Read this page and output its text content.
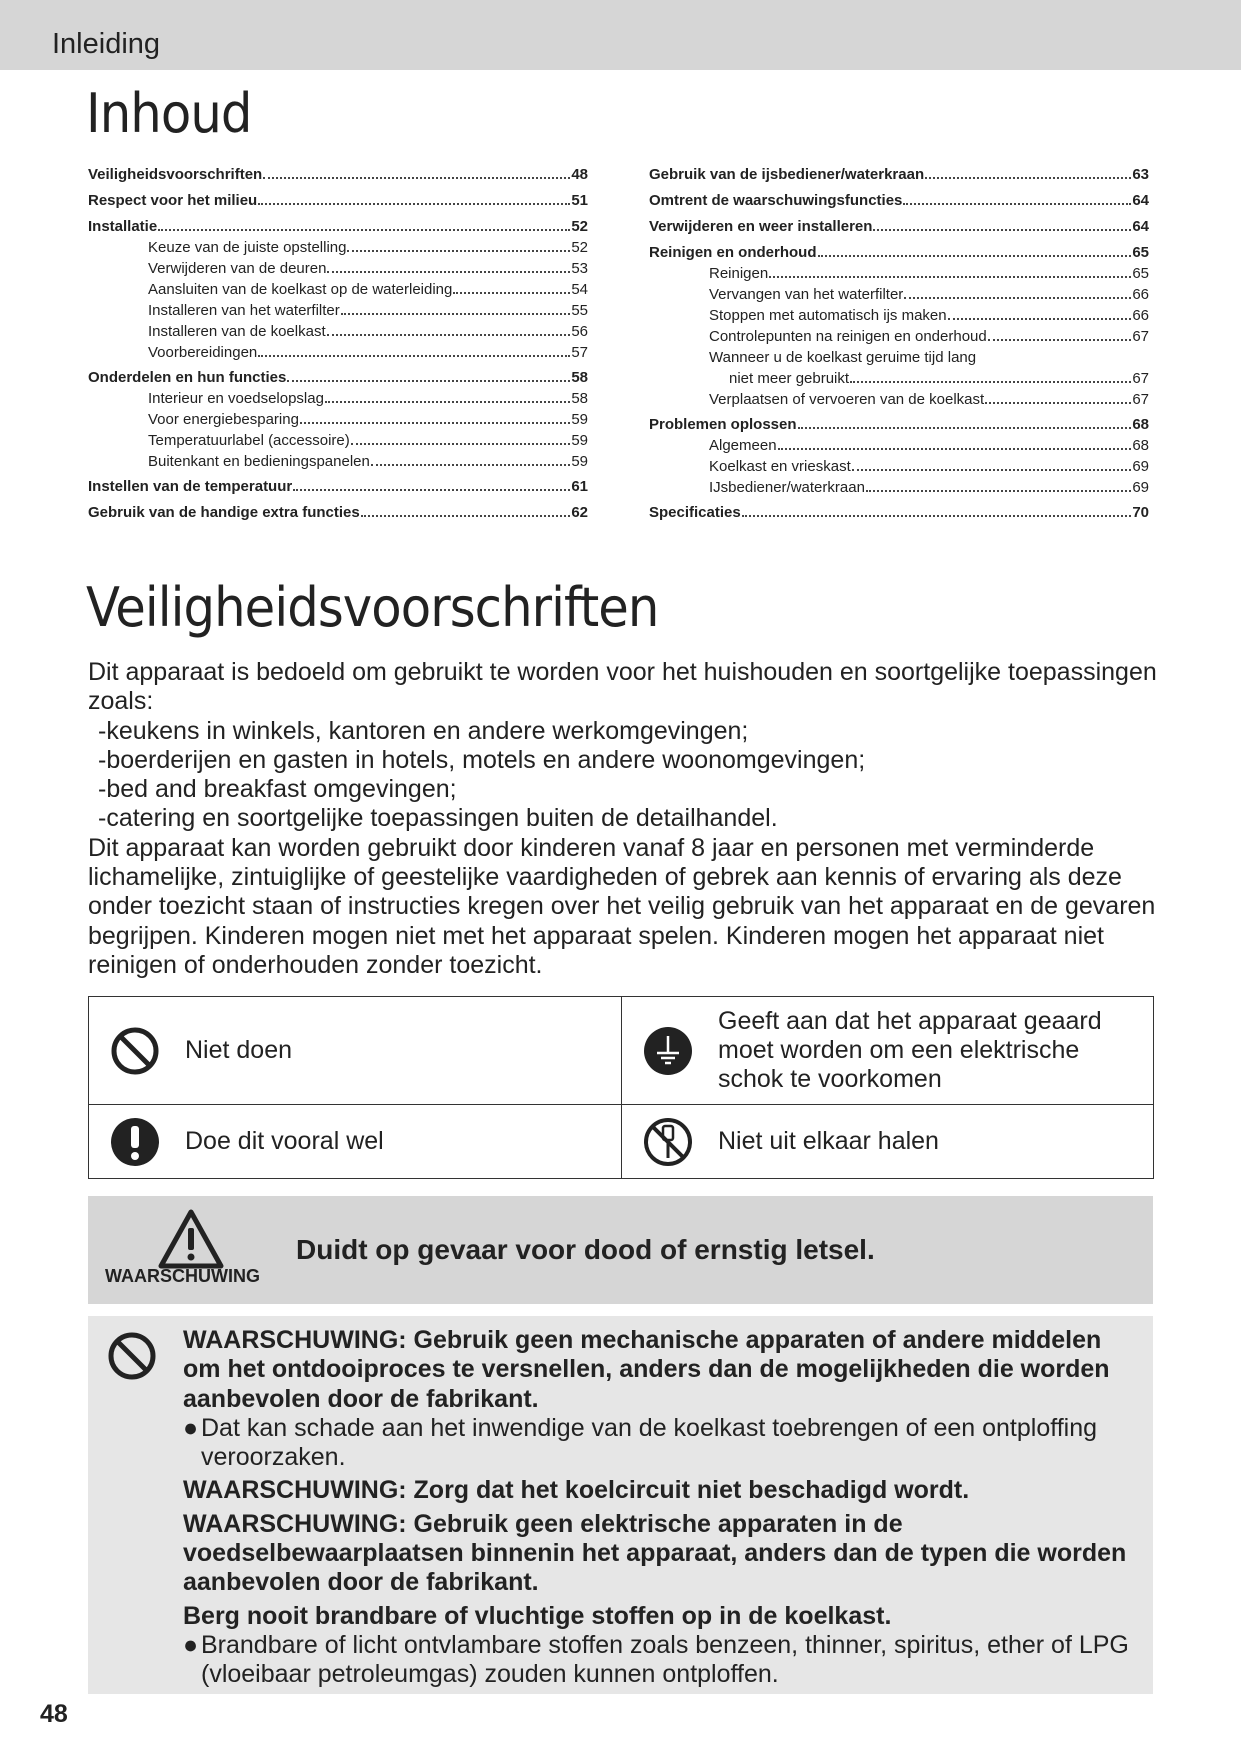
Inleiding
Inhoud
Veiligheidsvoorschriften	48
Respect voor het milieu	51
Installatie	52
Keuze van de juiste opstelling	52
Verwijderen van de deuren	53
Aansluiten van de koelkast op de waterleiding	54
Installeren van het waterfilter	55
Installeren van de koelkast	56
Voorbereidingen	57
Onderdelen en hun functies	58
Interieur en voedselopslag	58
Voor energiebesparing	59
Temperatuurlabel (accessoire)	59
Buitenkant en bedieningspanelen	59
Instellen van de temperatuur	61
Gebruik van de handige extra functies	62
Gebruik van de ijsbediener/waterkraan	63
Omtrent de waarschuwingsfuncties	64
Verwijderen en weer installeren	64
Reinigen en onderhoud	65
Reinigen	65
Vervangen van het waterfilter	66
Stoppen met automatisch ijs maken	66
Controlepunten na reinigen en onderhoud	67
Wanneer u de koelkast geruime tijd lang
niet meer gebruikt	67
Verplaatsen of vervoeren van de koelkast	67
Problemen oplossen	68
Algemeen	68
Koelkast en vrieskast	69
IJsbediener/waterkraan	69
Specificaties	70
Veiligheidsvoorschriften
Dit apparaat is bedoeld om gebruikt te worden voor het huishouden en soortgelijke toepassingen zoals:
-keukens in winkels, kantoren en andere werkomgevingen;
-boerderijen en gasten in hotels, motels en andere woonomgevingen;
-bed and breakfast omgevingen;
-catering en soortgelijke toepassingen buiten de detailhandel.
Dit apparaat kan worden gebruikt door kinderen vanaf 8 jaar en personen met verminderde lichamelijke, zintuiglijke of geestelijke vaardigheden of gebrek aan kennis of ervaring als deze onder toezicht staan of instructies kregen over het veilig gebruik van het apparaat en de gevaren begrijpen. Kinderen mogen niet met het apparaat spelen. Kinderen mogen het apparaat niet reinigen of onderhouden zonder toezicht.
Niet doen	Geeft aan dat het apparaat geaard moet worden om een elektrische schok te voorkomen

Doe dit vooral wel	Niet uit elkaar halen
WAARSCHUWING
Duidt op gevaar voor dood of ernstig letsel.
WAARSCHUWING: Gebruik geen mechanische apparaten of andere middelen om het ontdooiproces te versnellen, anders dan de mogelijkheden die worden aanbevolen door de fabrikant.
● Dat kan schade aan het inwendige van de koelkast toebrengen of een ontploffing veroorzaken.
WAARSCHUWING: Zorg dat het koelcircuit niet beschadigd wordt.
WAARSCHUWING: Gebruik geen elektrische apparaten in de voedselbewaarplaatsen binnenin het apparaat, anders dan de typen die worden aanbevolen door de fabrikant.
Berg nooit brandbare of vluchtige stoffen op in de koelkast.
● Brandbare of licht ontvlambare stoffen zoals benzeen, thinner, spiritus, ether of LPG (vloeibaar petroleumgas) zouden kunnen ontploffen.
48
